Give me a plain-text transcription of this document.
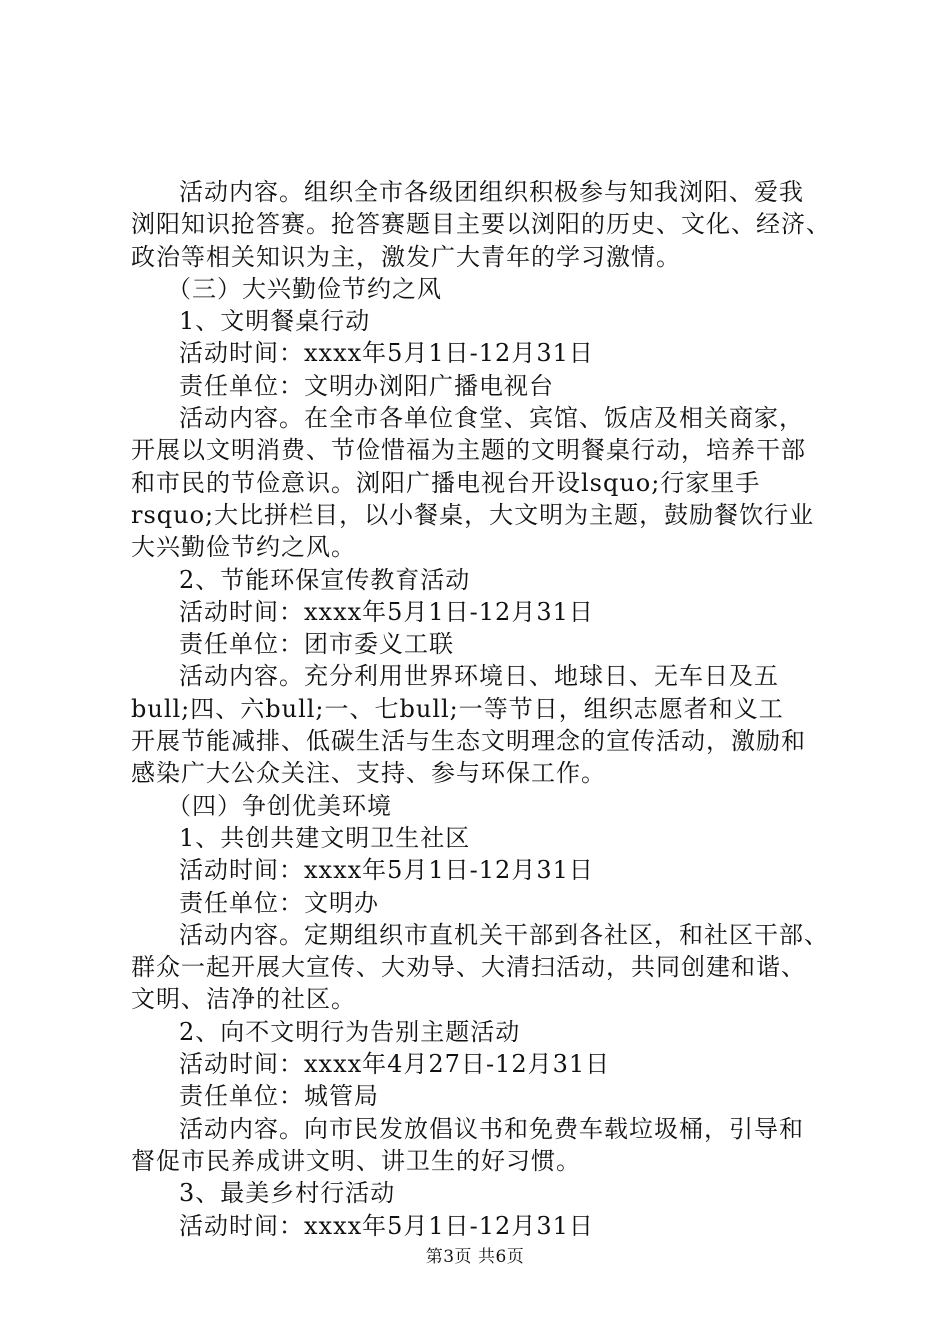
活动内容。组织全市各级团组织积极参与知我浏阳、爱我
浏阳知识抢答赛。抢答赛题目主要以浏阳的历史、文化、经济、
政治等相关知识为主，激发广大青年的学习激情。
（三）大兴勤俭节约之风
1、文明餐桌行动
活动时间：xxxx年5月1日-12月31日
责任单位：文明办浏阳广播电视台
活动内容。在全市各单位食堂、宾馆、饭店及相关商家，
开展以文明消费、节俭惜福为主题的文明餐桌行动，培养干部
和市民的节俭意识。浏阳广播电视台开设lsquo;行家里手
rsquo;大比拼栏目，以小餐桌，大文明为主题，鼓励餐饮行业
大兴勤俭节约之风。
2、节能环保宣传教育活动
活动时间：xxxx年5月1日-12月31日
责任单位：团市委义工联
活动内容。充分利用世界环境日、地球日、无车日及五
bull;四、六bull;一、七bull;一等节日，组织志愿者和义工
开展节能减排、低碳生活与生态文明理念的宣传活动，激励和
感染广大公众关注、支持、参与环保工作。
（四）争创优美环境
1、共创共建文明卫生社区
活动时间：xxxx年5月1日-12月31日
责任单位：文明办
活动内容。定期组织市直机关干部到各社区，和社区干部、
群众一起开展大宣传、大劝导、大清扫活动，共同创建和谐、
文明、洁净的社区。
2、向不文明行为告别主题活动
活动时间：xxxx年4月27日-12月31日
责任单位：城管局
活动内容。向市民发放倡议书和免费车载垃圾桶，引导和
督促市民养成讲文明、讲卫生的好习惯。
3、最美乡村行活动
活动时间：xxxx年5月1日-12月31日
第3页 共6页
